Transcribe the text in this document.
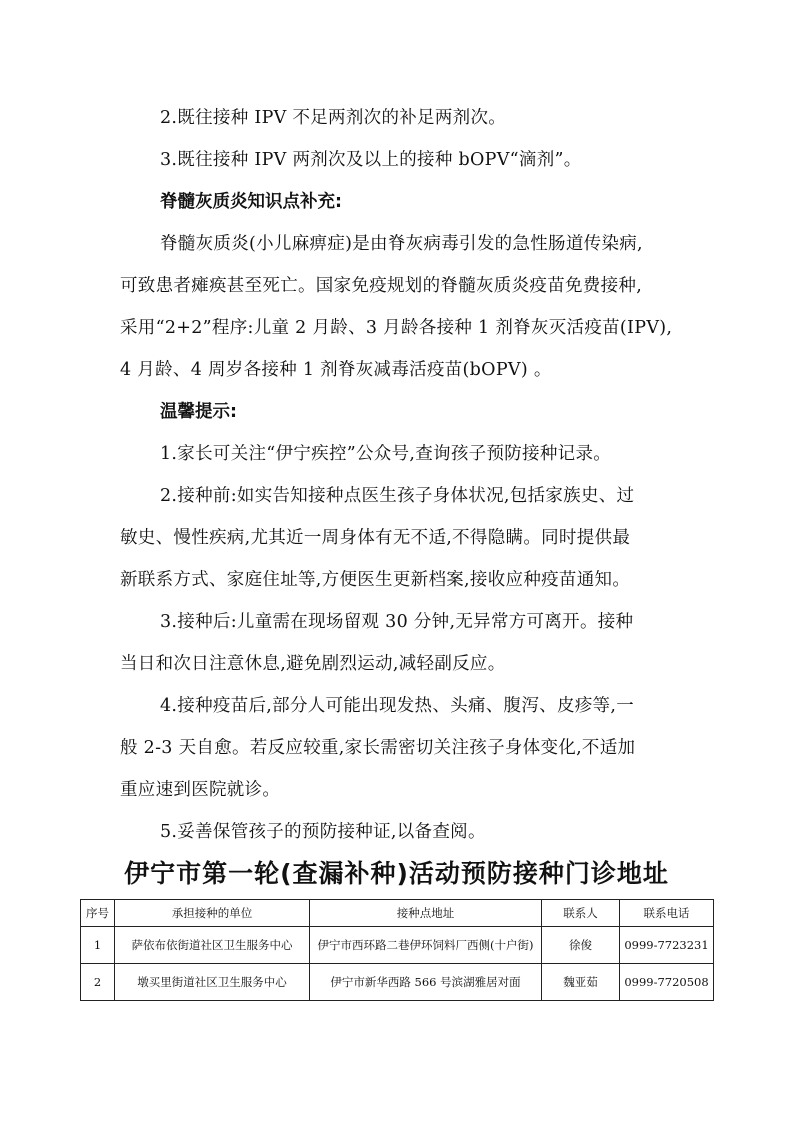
2.既往接种 IPV 不足两剂次的补足两剂次。
3.既往接种 IPV 两剂次及以上的接种 bOPV“滴剂”。
脊髓灰质炎知识点补充:
脊髓灰质炎(小儿麻痹症)是由脊灰病毒引发的急性肠道传染病,
可致患者瘫痪甚至死亡。国家免疫规划的脊髓灰质炎疫苗免费接种,
采用“2+2”程序:儿童 2 月龄、3 月龄各接种 1 剂脊灰灭活疫苗(IPV),
4 月龄、4 周岁各接种 1 剂脊灰减毒活疫苗(bOPV) 。
温馨提示:
1.家长可关注“伊宁疾控”公众号,查询孩子预防接种记录。
2.接种前:如实告知接种点医生孩子身体状况,包括家族史、过
敏史、慢性疾病,尤其近一周身体有无不适,不得隐瞒。同时提供最
新联系方式、家庭住址等,方便医生更新档案,接收应种疫苗通知。
3.接种后:儿童需在现场留观 30 分钟,无异常方可离开。接种
当日和次日注意休息,避免剧烈运动,减轻副反应。
4.接种疫苗后,部分人可能出现发热、头痛、腹泻、皮疹等,一
般 2-3 天自愈。若反应较重,家长需密切关注孩子身体变化,不适加
重应速到医院就诊。
5.妥善保管孩子的预防接种证,以备查阅。
伊宁市第一轮(查漏补种)活动预防接种门诊地址
序号	承担接种的单位	接种点地址	联系人	联系电话
1	萨依布依街道社区卫生服务中心	伊宁市西环路二巷伊环饲料厂西侧(十户街)	徐俊	0999-7723231
2	墩买里街道社区卫生服务中心	伊宁市新华西路 566 号滨湖雅居对面	魏亚茹	0999-7720508
